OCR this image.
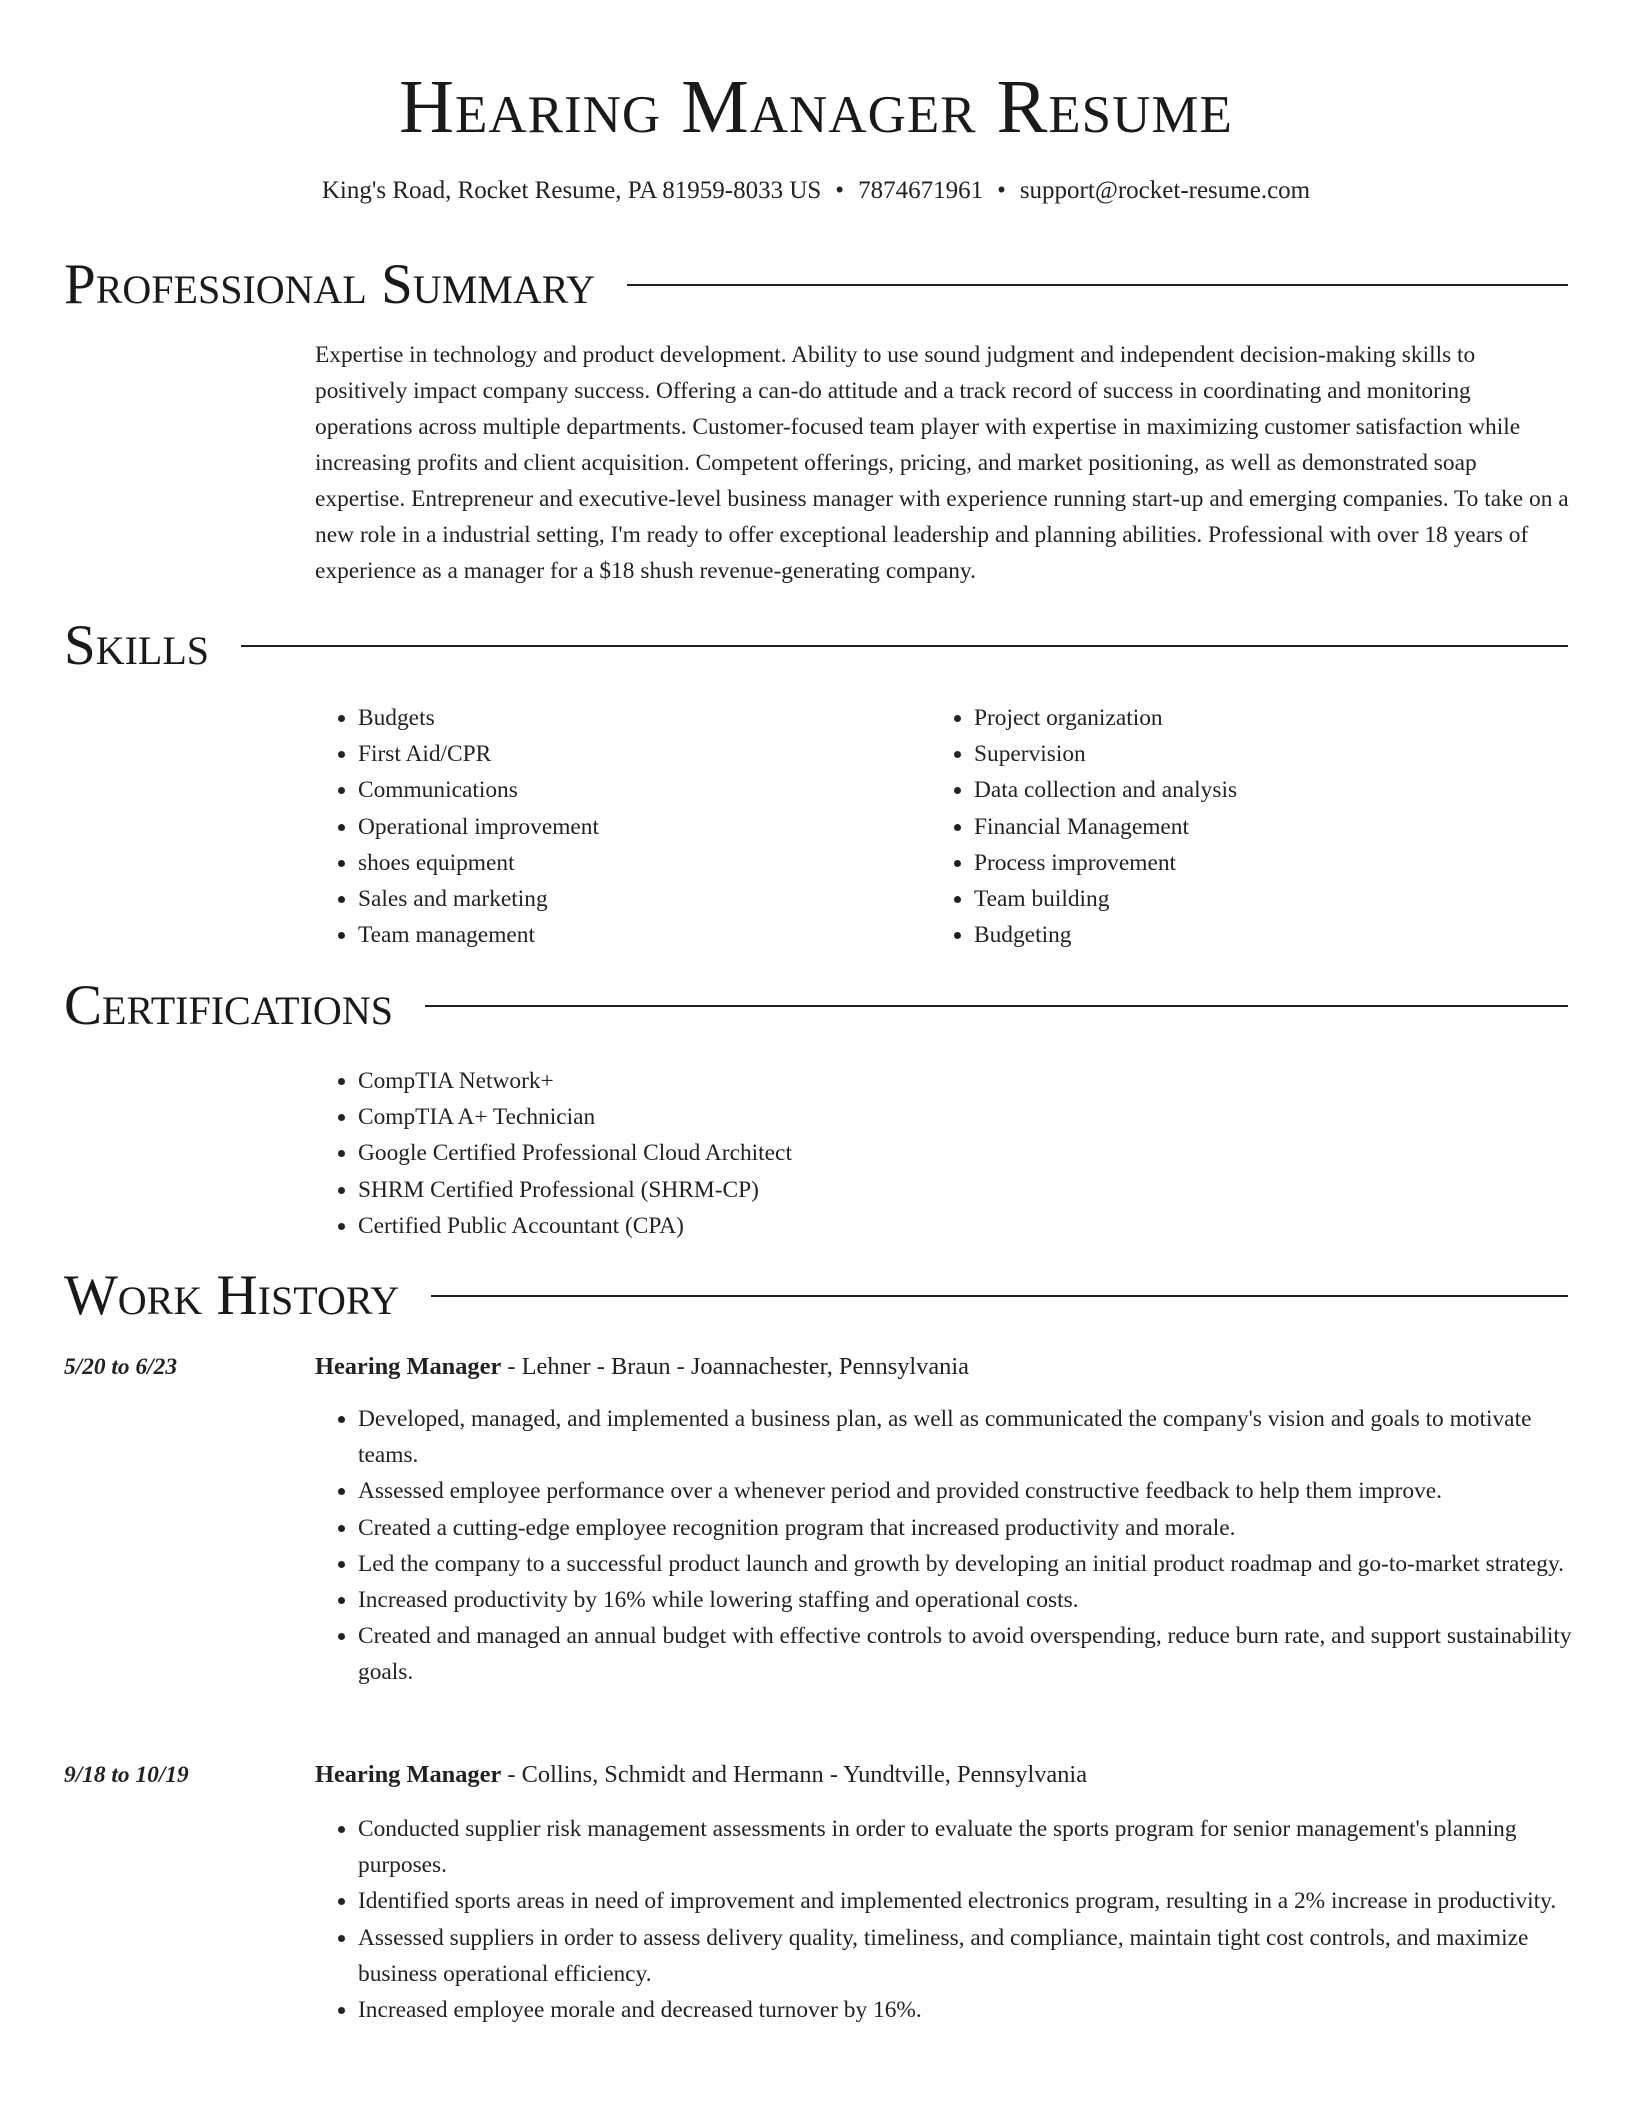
Hearing Manager Resume
King's Road, Rocket Resume, PA 81959-8033 US • 7874671961 • support@rocket-resume.com
Professional Summary

Expertise in technology and product development. Ability to use sound judgment and independent decision-making skills to positively impact company success. Offering a can-do attitude and a track record of success in coordinating and monitoring operations across multiple departments. Customer-focused team player with expertise in maximizing customer satisfaction while increasing profits and client acquisition. Competent offerings, pricing, and market positioning, as well as demonstrated soap expertise. Entrepreneur and executive-level business manager with experience running start-up and emerging companies. To take on a new role in a industrial setting, I'm ready to offer exceptional leadership and planning abilities. Professional with over 18 years of experience as a manager for a $18 shush revenue-generating company.

Skills
• Budgets
• First Aid/CPR
• Communications
• Operational improvement
• shoes equipment
• Sales and marketing
• Team management
• Project organization
• Supervision
• Data collection and analysis
• Financial Management
• Process improvement
• Team building
• Budgeting
Certifications
• CompTIA Network+
• CompTIA A+ Technician
• Google Certified Professional Cloud Architect
• SHRM Certified Professional (SHRM-CP)
• Certified Public Accountant (CPA)
Work History
5/20 to 6/23	Hearing Manager - Lehner - Braun - Joannachester, Pennsylvania
• Developed, managed, and implemented a business plan, as well as communicated the company's vision and goals to motivate teams.
• Assessed employee performance over a whenever period and provided constructive feedback to help them improve.
• Created a cutting-edge employee recognition program that increased productivity and morale.
• Led the company to a successful product launch and growth by developing an initial product roadmap and go-to-market strategy.
• Increased productivity by 16% while lowering staffing and operational costs.
• Created and managed an annual budget with effective controls to avoid overspending, reduce burn rate, and support sustainability goals.
9/18 to 10/19	Hearing Manager - Collins, Schmidt and Hermann - Yundtville, Pennsylvania
• Conducted supplier risk management assessments in order to evaluate the sports program for senior management's planning purposes.
• Identified sports areas in need of improvement and implemented electronics program, resulting in a 2% increase in productivity.
• Assessed suppliers in order to assess delivery quality, timeliness, and compliance, maintain tight cost controls, and maximize business operational efficiency.
• Increased employee morale and decreased turnover by 16%.
